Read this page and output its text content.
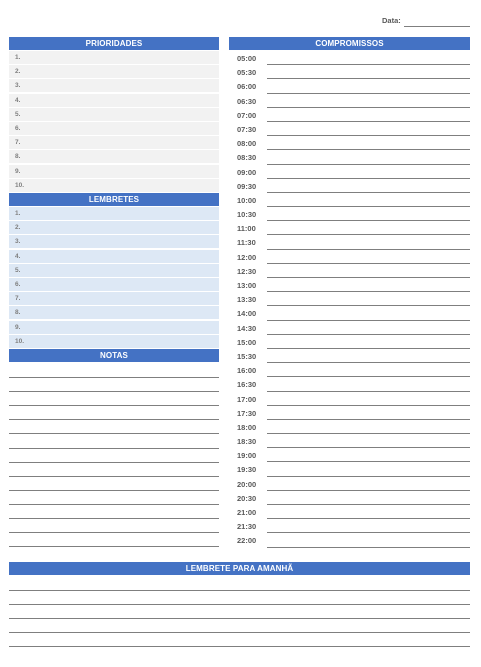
Data:
PRIORIDADES
1.
2.
3.
4.
5.
6.
7.
8.
9.
10.
COMPROMISSOS
05:00
05:30
06:00
06:30
07:00
07:30
08:00
08:30
09:00
09:30
10:00
10:30
11:00
11:30
12:00
12:30
13:00
13:30
14:00
14:30
15:00
15:30
16:00
16:30
17:00
17:30
18:00
18:30
19:00
19:30
20:00
20:30
21:00
21:30
22:00
LEMBRETES
1.
2.
3.
4.
5.
6.
7.
8.
9.
10.
NOTAS
LEMBRETE PARA AMANHÃ
